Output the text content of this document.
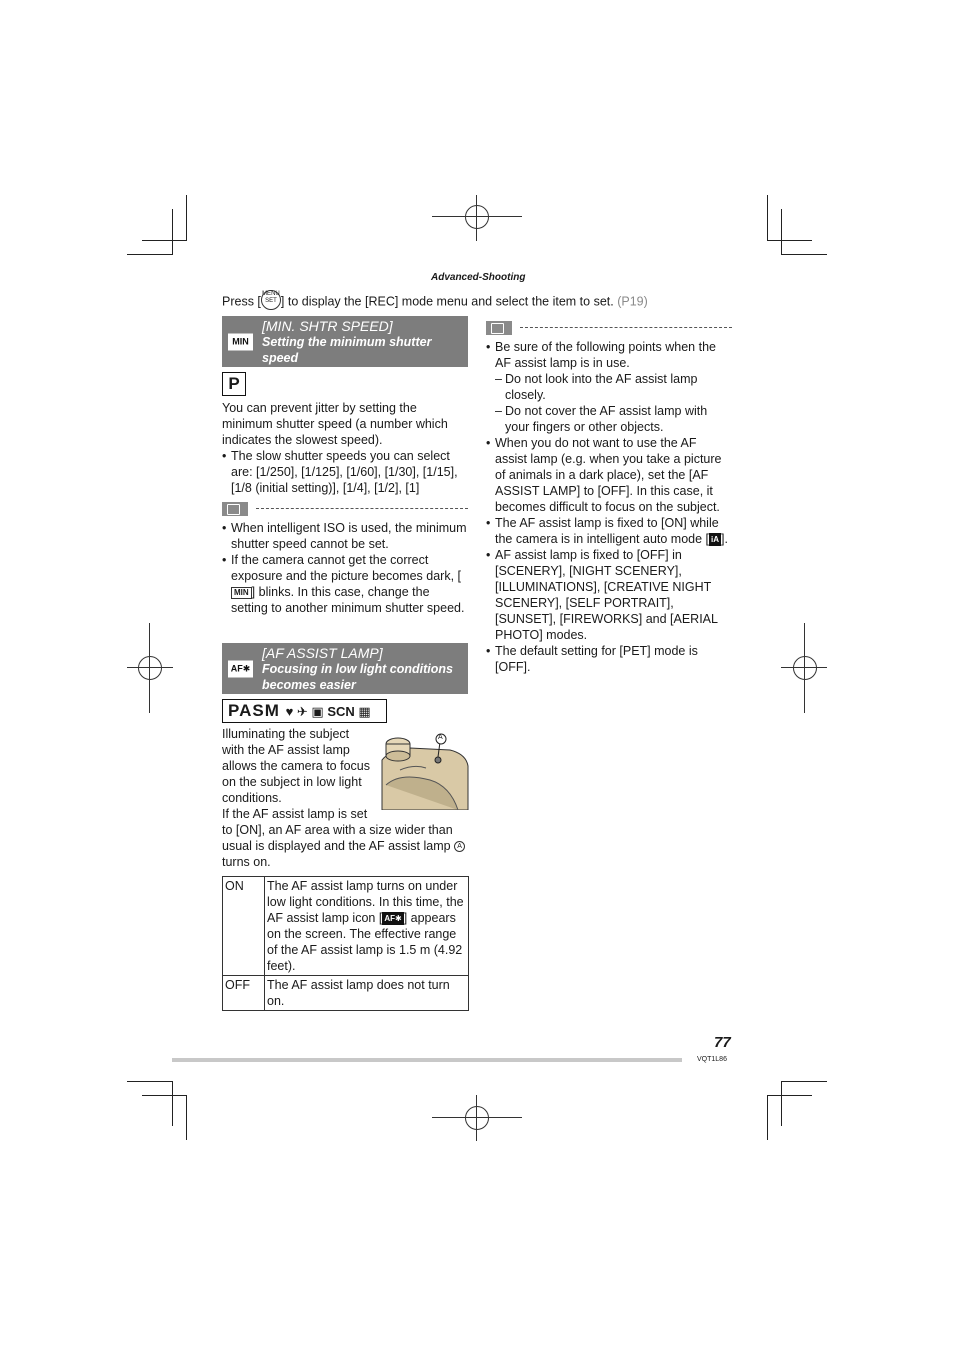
Advanced-Shooting
Press [MENU
SET ] to display the [REC] mode menu and select the item to set. (P19)
MIN
[MIN. SHTR SPEED]
Setting the minimum shutter speed
P

You can prevent jitter by setting the minimum shutter speed (a number which indicates the slowest speed).

• The slow shutter speeds you can select are: [1/250], [1/125], [1/60], [1/30], [1/15], [1/8 (initial setting)], [1/4], [1/2], [1]
• When intelligent ISO is used, the minimum shutter speed cannot be set.
• If the camera cannot get the correct exposure and the picture becomes dark, [MIN ] blinks. In this case, change the setting to another minimum shutter speed.
AF✱
[AF ASSIST LAMP]
Focusing in low light conditions becomes easier
PASM ♥ ✈ ▣ SCN ▦
A

Illuminating the subject

with the AF assist lamp

allows the camera to focus

on the subject in low light

conditions.

If the AF assist lamp is set

to [ON], an AF area with a size wider than usual is displayed and the AF assist lamp A turns on.
ON	The AF assist lamp turns on under low light conditions. In this time, the AF assist lamp icon [ AF✱ ] appears on the screen. The effective range of the AF assist lamp is 1.5 m (4.92 feet).
OFF	The AF assist lamp does not turn on.
• Be sure of the following points when the AF assist lamp is in use.
– Do not look into the AF assist lamp closely.
– Do not cover the AF assist lamp with your fingers or other objects.
• When you do not want to use the AF assist lamp (e.g. when you take a picture of animals in a dark place), set the [AF ASSIST LAMP] to [OFF]. In this case, it becomes difficult to focus on the subject.
• The AF assist lamp is fixed to [ON] while the camera is in intelligent auto mode [ iA ].
• AF assist lamp is fixed to [OFF] in [SCENERY], [NIGHT SCENERY], [ILLUMINATIONS], [CREATIVE NIGHT SCENERY], [SELF PORTRAIT], [SUNSET], [FIREWORKS] and [AERIAL PHOTO] modes.
• The default setting for [PET] mode is [OFF].
77
VQT1L86
